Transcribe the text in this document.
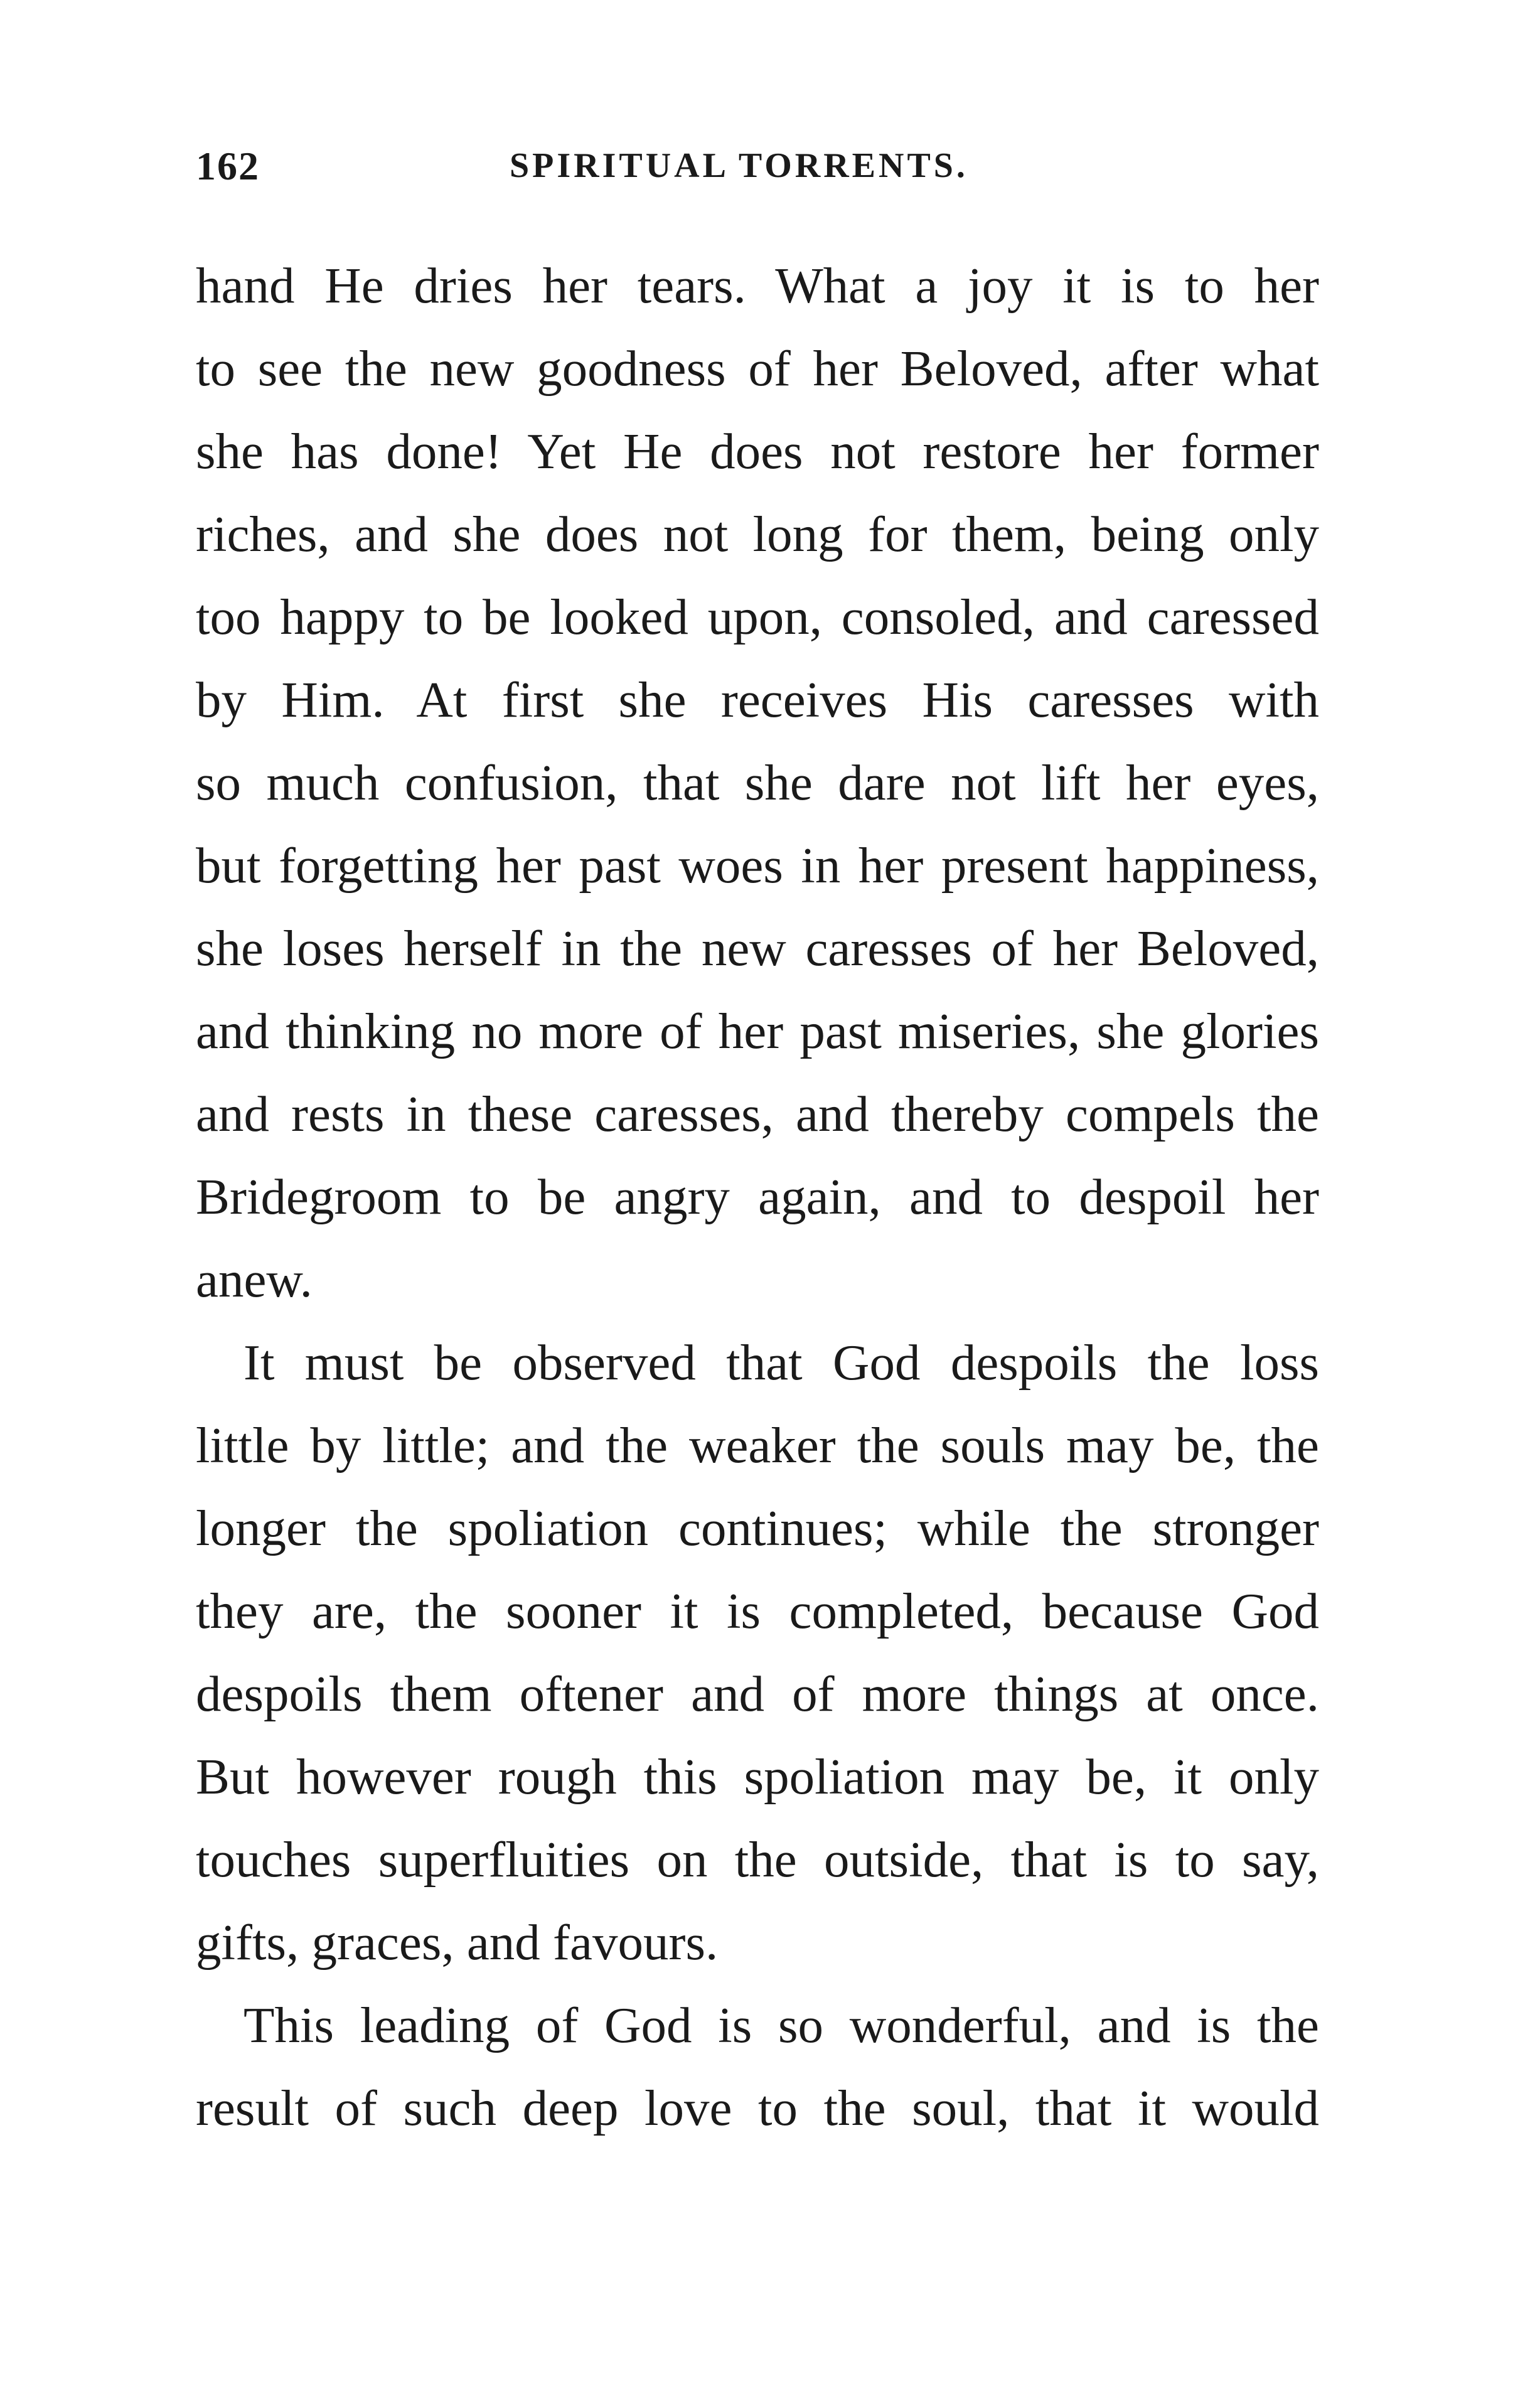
162	SPIRITUAL TORRENTS.
hand He dries her tears. What a joy it is to her
to see the new goodness of her Beloved, after what
she has done! Yet He does not restore her former
riches, and she does not long for them, being only
too happy to be looked upon, consoled, and caressed
by Him. At first she receives His caresses with
so much confusion, that she dare not lift her eyes,
but forgetting her past woes in her present happiness,
she loses herself in the new caresses of her Beloved,
and thinking no more of her past miseries, she glories
and rests in these caresses, and thereby compels the
Bridegroom to be angry again, and to despoil her
anew.
It must be observed that God despoils the loss
little by little; and the weaker the souls may be, the
longer the spoliation continues; while the stronger
they are, the sooner it is completed, because God
despoils them oftener and of more things at once.
But however rough this spoliation may be, it only
touches superfluities on the outside, that is to say,
gifts, graces, and favours.
This leading of God is so wonderful, and is the
result of such deep love to the soul, that it would
